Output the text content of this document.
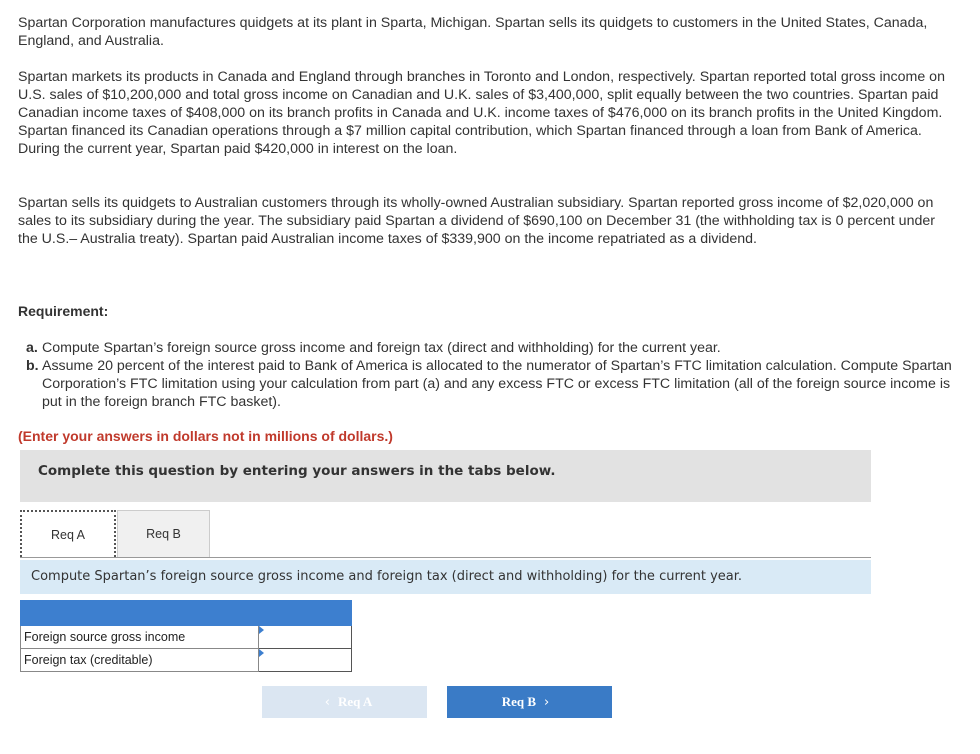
Spartan Corporation manufactures quidgets at its plant in Sparta, Michigan. Spartan sells its quidgets to customers in the United States, Canada, England, and Australia.

Spartan markets its products in Canada and England through branches in Toronto and London, respectively. Spartan reported total gross income on U.S. sales of $10,200,000 and total gross income on Canadian and U.K. sales of $3,400,000, split equally between the two countries. Spartan paid Canadian income taxes of $408,000 on its branch profits in Canada and U.K. income taxes of $476,000 on its branch profits in the United Kingdom. Spartan financed its Canadian operations through a $7 million capital contribution, which Spartan financed through a loan from Bank of America. During the current year, Spartan paid $420,000 in interest on the loan.

Spartan sells its quidgets to Australian customers through its wholly-owned Australian subsidiary. Spartan reported gross income of $2,020,000 on sales to its subsidiary during the year. The subsidiary paid Spartan a dividend of $690,100 on December 31 (the withholding tax is 0 percent under the U.S.– Australia treaty). Spartan paid Australian income taxes of $339,900 on the income repatriated as a dividend.

Requirement:

a. Compute Spartan’s foreign source gross income and foreign tax (direct and withholding) for the current year.
b. Assume 20 percent of the interest paid to Bank of America is allocated to the numerator of Spartan’s FTC limitation calculation. Compute Spartan Corporation’s FTC limitation using your calculation from part (a) and any excess FTC or excess FTC limitation (all of the foreign source income is put in the foreign branch FTC basket).
(Enter your answers in dollars not in millions of dollars.)
Complete this question by entering your answers in the tabs below.
Req A	Req B
Compute Spartan’s foreign source gross income and foreign tax (direct and withholding) for the current year.

Foreign source gross income	

Foreign tax (creditable)	
‹ Req A	Req B ›
